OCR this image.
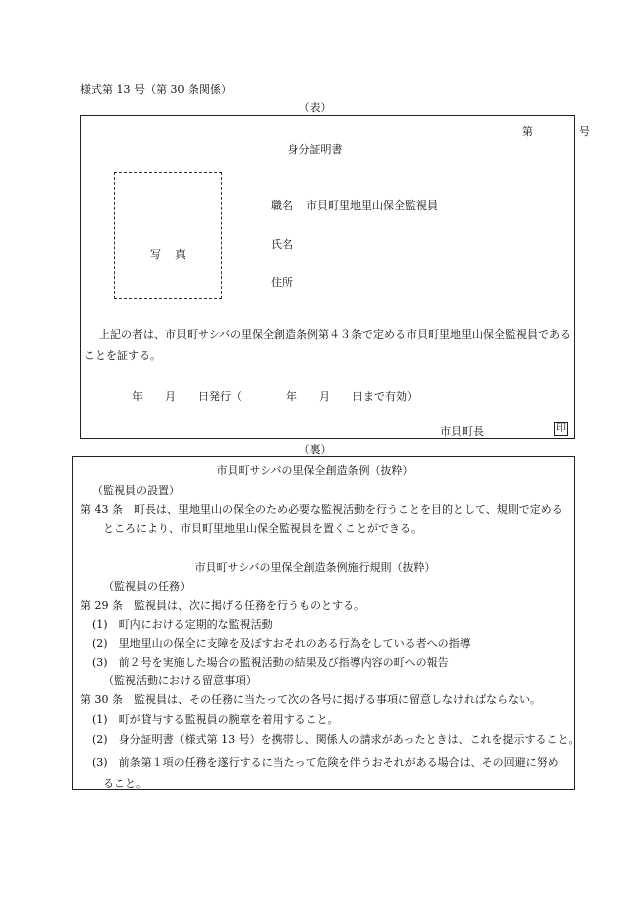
様式第 13 号（第 30 条関係）
（表）
第　　号
身分証明書
写真
職名 市貝町里地里山保全監視員
氏名
住所
　上記の者は、市貝町サシバの里保全創造条例第４３条で定める市貝町里地里山保全監視員であることを証する。
年　　月　　日発行（　　　　年　　月　　日まで有効）
市貝町長	印
（裏）
市貝町サシバの里保全創造条例（抜粋）
（監視員の設置）
第 43 条　町長は、里地里山の保全のため必要な監視活動を行うことを目的として、規則で定める
ところにより、市貝町里地里山保全監視員を置くことができる。
市貝町サシバの里保全創造条例施行規則（抜粋）
（監視員の任務）
第 29 条　監視員は、次に掲げる任務を行うものとする。
(1)　町内における定期的な監視活動
(2)　里地里山の保全に支障を及ぼすおそれのある行為をしている者への指導
(3)　前２号を実施した場合の監視活動の結果及び指導内容の町への報告
（監視活動における留意事項）
第 30 条　監視員は、その任務に当たって次の各号に掲げる事項に留意しなければならない。
(1)　町が貸与する監視員の腕章を着用すること。
(2)　身分証明書（様式第 13 号）を携帯し、関係人の請求があったときは、これを提示すること。
(3)　前条第１項の任務を遂行するに当たって危険を伴うおそれがある場合は、その回避に努め
ること。
